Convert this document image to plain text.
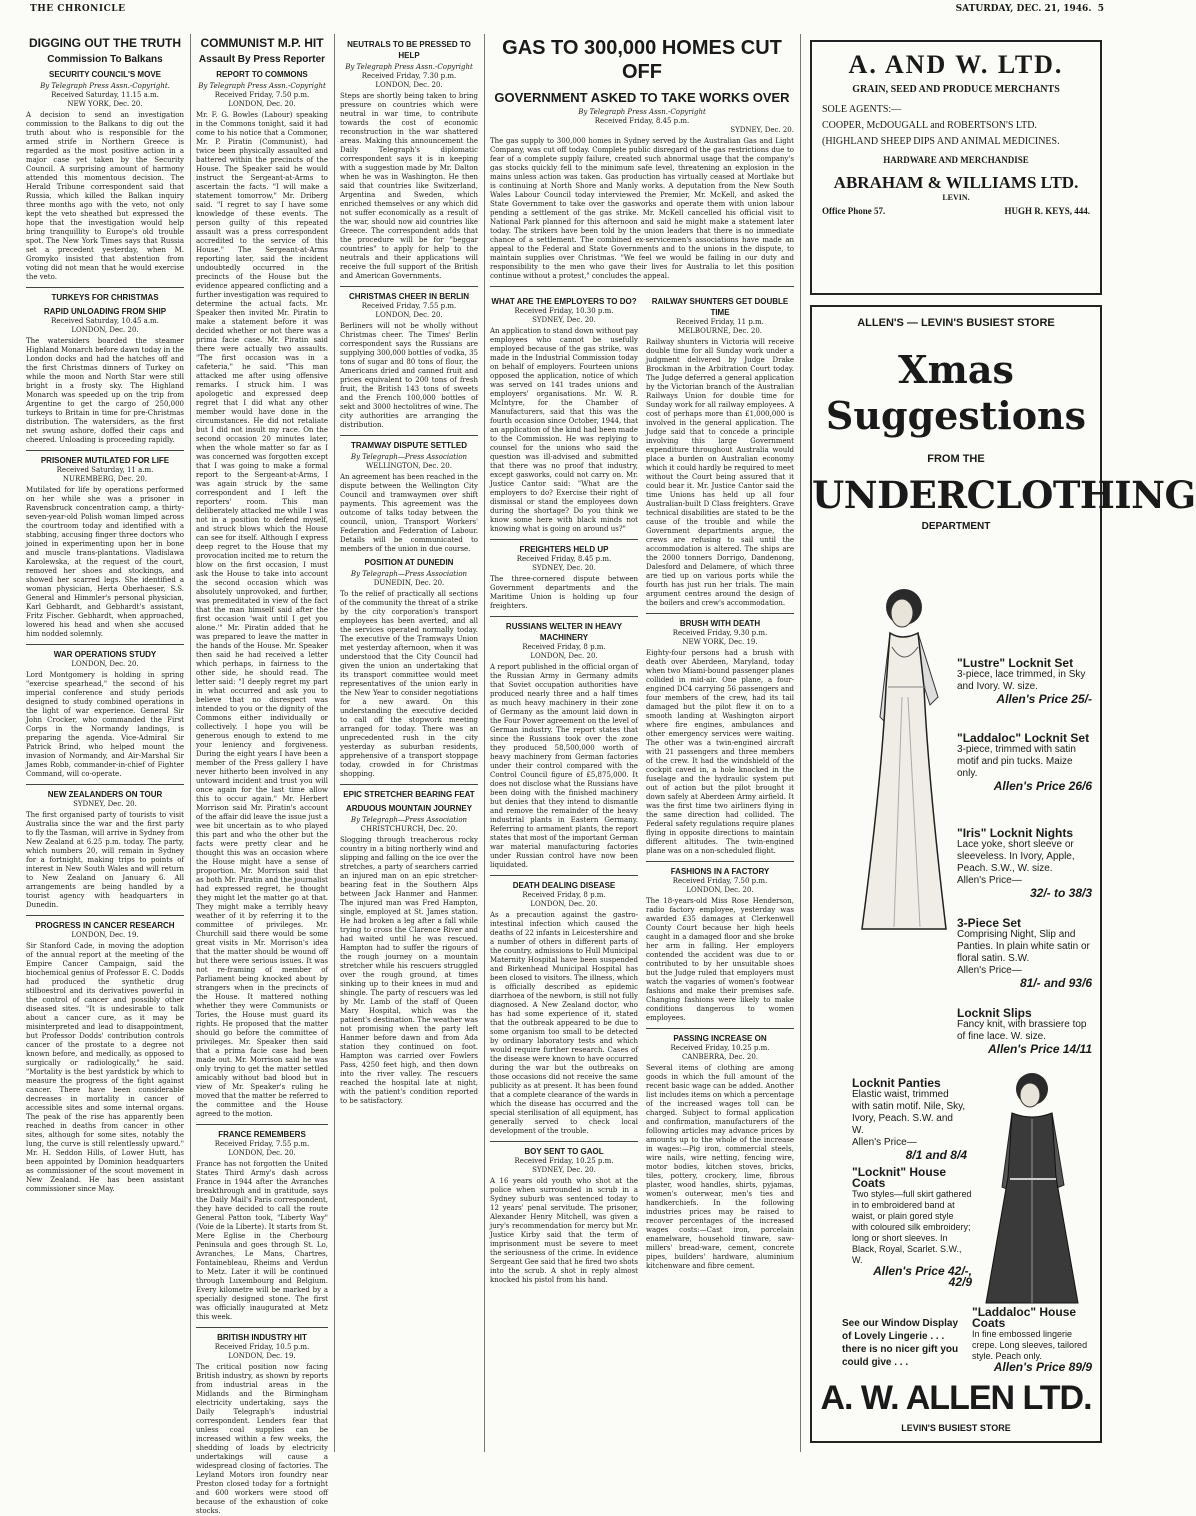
THE CHRONICLE	SATURDAY, DEC. 21, 1946. 5
DIGGING OUT THE TRUTH
Commission To Balkans
SECURITY COUNCIL'S MOVE
By Telegraph Press Assn.-Copyright.
Received Saturday, 11.15 a.m.
NEW YORK, Dec. 20.
A decision to send an investigation commission to the Balkans to dig out the truth about who is responsible for the armed strife in Northern Greece is regarded as the most positive action in a major case yet taken by the Security Council. A surprising amount of harmony attended this momentous decision. The Herald Tribune correspondent said that Russia, which killed the Balkan inquiry three months ago with the veto, not only kept the veto sheathed but expressed the hope that the investigation would help bring tranquillity to Europe's old trouble spot. The New York Times says that Russia set a precedent yesterday, when M. Gromyko insisted that abstention from voting did not mean that he would exercise the veto.
TURKEYS FOR CHRISTMAS
RAPID UNLOADING FROM SHIP
Received Saturday, 10.45 a.m.
LONDON, Dec. 20.
The watersiders boarded the steamer Highland Monarch before dawn today in the London docks and had the hatches off and the first Christmas dinners of Turkey on while the moon and North Star were still bright in a frosty sky. The Highland Monarch was speeded up on the trip from Argentine to get the cargo of 250,000 turkeys to Britain in time for pre-Christmas distribution. The watersiders, as the first net swung ashore, doffed their caps and cheered. Unloading is proceeding rapidly.
PRISONER MUTILATED FOR LIFE
Received Saturday, 11 a.m.
NUREMBERG, Dec. 20.
Mutilated for life by operations performed on her while she was a prisoner in Ravensbruck concentration camp, a thirty-seven-year-old Polish woman limped across the courtroom today and identified with a stabbing, accusing finger three doctors who joined in experimenting upon her in bone and muscle trans-plantations. Vladislawa Karolewska, at the request of the court, removed her shoes and stockings, and showed her scarred legs. She identified a woman physician, Herta Oberhaeser, S.S. General and Himmler's personal physician, Karl Gebhardt, and Gebhardt's assistant, Fritz Fischer. Gebhardt, when approached, lowered his head and when she accused him nodded solemnly.
WAR OPERATIONS STUDY
LONDON, Dec. 20.
Lord Montgomery is holding in spring "exercise spearhead," the second of his imperial conference and study periods designed to study combined operations in the light of war experience. General Sir John Crocker, who commanded the First Corps in the Normandy landings, is preparing the agenda. Vice-Admiral Sir Patrick Brind, who helped mount the invasion of Normandy, and Air-Marshal Sir James Robb, commander-in-chief of Fighter Command, will co-operate.
NEW ZEALANDERS ON TOUR
SYDNEY, Dec. 20.
The first organised party of tourists to visit Australia since the war and the first party to fly the Tasman, will arrive in Sydney from New Zealand at 6.25 p.m. today. The party, which numbers 20, will remain in Sydney for a fortnight, making trips to points of interest in New South Wales and will return to New Zealand on January 6. All arrangements are being handled by a tourist agency with headquarters in Dunedin.
PROGRESS IN CANCER RESEARCH
LONDON, Dec. 19.
Sir Stanford Cade, in moving the adoption of the annual report at the meeting of the Empire Cancer Campaign, said the biochemical genius of Professor E. C. Dodds had produced the synthetic drug stilboestrol and its derivatives powerful in the control of cancer and possibly other diseased sites. "It is undesirable to talk about a cancer cure, as it may be misinterpreted and lead to disappointment, but Professor Dodds' contribution controls cancer of the prostate to a degree not known before, and medically, as opposed to surgically or radiologically," he said. "Mortality is the best yardstick by which to measure the progress of the fight against cancer. There have been considerable decreases in mortality in cancer of accessible sites and some internal organs. The peak of the rise has apparently been reached in deaths from cancer in other sites, although for some sites, notably the lung, the curve is still relentlessly upward." Mr. H. Seddon Hills, of Lower Hutt, has been appointed by Dominion headquarters as commissioner of the scout movement in New Zealand. He has been assistant commissioner since May.
COMMUNIST M.P. HIT
Assault By Press Reporter
REPORT TO COMMONS
By Telegraph Press Assn.-Copyright
Received Friday, 7.50 p.m.
LONDON, Dec. 20.
Mr. F. G. Bowles (Labour) speaking in the Commons tonight, said it had come to his notice that a Commoner, Mr. P. Piratin (Communist), had twice been physically assaulted and battered within the precincts of the House. The Speaker said he would instruct the Sergeant-at-Arms to ascertain the facts. "I will make a statement tomorrow," Mr. Driberg said. "I regret to say I have some knowledge of these events. The person guilty of this repeated assault was a press correspondent accredited to the service of this House." The Sergeant-at-Arms reporting later, said the incident undoubtedly occurred in the precincts of the House but the evidence appeared conflicting and a further investigation was required to determine the actual facts. Mr. Speaker then invited Mr. Piratin to make a statement before it was decided whether or not there was a prima facie case. Mr. Piratin said there were actually two assaults. "The first occasion was in a cafeteria," he said. "This man attacked me after using offensive remarks. I struck him. I was apologetic and expressed deep regret that I did what any other member would have done in the circumstances. He did not retaliate but I did not insult my race. On the second occasion 20 minutes later, when the whole matter so far as I was concerned was forgotten except that I was going to make a formal report to the Sergeant-at-Arms, I was again struck by the same correspondent and I left the reporters' room. This man deliberately attacked me while I was not in a position to defend myself, and struck blows which the House can see for itself. Although I express deep regret to the House that my provocation incited me to return the blow on the first occasion, I must ask the House to take into account the second occasion which was absolutely unprovoked, and further, was premeditated in view of the fact that the man himself said after the first occasion 'wait until I get you alone.'" Mr. Piratin added that he was prepared to leave the matter in the hands of the House. Mr. Speaker then said he had received a letter which perhaps, in fairness to the other side, he should read. The letter said: "I deeply regret my part in what occurred and ask you to believe that no disrespect was intended to you or the dignity of the Commons either individually or collectively. I hope you will be generous enough to extend to me your leniency and forgiveness. During the eight years I have been a member of the Press gallery I have never hitherto been involved in any untoward incident and trust you will once again for the last time allow this to occur again." Mr. Herbert Morrison said Mr. Piratin's account of the affair did leave the issue just a wee bit uncertain as to who played this part and who the other but the facts were pretty clear and he thought this was an occasion where the House might have a sense of proportion. Mr. Morrison said that as both Mr. Piratin and the journalist had expressed regret, he thought they might let the matter go at that. They might make a terribly heavy weather of it by referring it to the committee of privileges. Mr. Churchill said there would be some great visits in Mr. Morrison's idea that the matter should be wound off but there were serious issues. It was not re-framing of member of Parliament being knocked about by strangers when in the precincts of the House. It mattered nothing whether they were Communists or Tories, the House must guard its rights. He proposed that the matter should go before the committee of privileges. Mr. Speaker then said that a prima facie case had been made out. Mr. Morrison said he was only trying to get the matter settled amicably without bad blood but in view of Mr. Speaker's ruling he moved that the matter be referred to the committee and the House agreed to the motion.
FRANCE REMEMBERS
Received Friday, 7.55 p.m.
LONDON, Dec. 20.
France has not forgotten the United States Third Army's dash across France in 1944 after the Avranches breakthrough and in gratitude, says the Daily Mail's Paris correspondent, they have decided to call the route General Patton took, "Liberty Way" (Voie de la Liberte). It starts from St. Mere Eglise in the Cherbourg Peninsula and goes through St. Lo, Avranches, Le Mans, Chartres, Fontainebleau, Rheims and Verdun to Metz. Later it will be continued through Luxembourg and Belgium. Every kilometre will be marked by a specially designed stone. The first was officially inaugurated at Metz this week.
BRITISH INDUSTRY HIT
Received Friday, 10.5 p.m.
LONDON, Dec. 19.
The critical position now facing British industry, as shown by reports from industrial areas in the Midlands and the Birmingham electricity undertaking, says the Daily Telegraph's industrial correspondent. Lenders fear that unless coal supplies can be increased within a few weeks, the shedding of loads by electricity undertakings will cause a widespread closing of factories. The Leyland Motors iron foundry near Preston closed today for a fortnight and 600 workers were stood off because of the exhaustion of coke stocks.
NEUTRALS TO BE PRESSED TO HELP
By Telegraph Press Assn.-Copyright
Received Friday, 7.30 p.m.
LONDON, Dec. 20.
Steps are shortly being taken to bring pressure on countries which were neutral in war time, to contribute towards the cost of economic reconstruction in the war shattered areas. Making this announcement the Daily Telegraph's diplomatic correspondent says it is in keeping with a suggestion made by Mr. Dalton when he was in Washington. He then said that countries like Switzerland, Argentina and Sweden, which enriched themselves or any which did not suffer economically as a result of the war, should now aid countries like Greece. The correspondent adds that the procedure will be for "beggar countries" to apply for help to the neutrals and their applications will receive the full support of the British and American Governments.
CHRISTMAS CHEER IN BERLIN
Received Friday, 7.55 p.m.
LONDON, Dec. 20.
Berliners will not be wholly without Christmas cheer. The Times' Berlin correspondent says the Russians are supplying 300,000 bottles of vodka, 35 tons of sugar and 80 tons of flour, the Americans dried and canned fruit and prices equivalent to 200 tons of fresh fruit, the British 143 tons of sweets and the French 100,000 bottles of sekt and 3000 hectolitres of wine. The city authorities are arranging the distribution.
TRAMWAY DISPUTE SETTLED
By Telegraph—Press Association
WELLINGTON, Dec. 20.
An agreement has been reached in the dispute between the Wellington City Council and tramwaymen over shift payments. This agreement was the outcome of talks today between the council, union, Transport Workers' Federation and Federation of Labour. Details will be communicated to members of the union in due course.
POSITION AT DUNEDIN
By Telegraph—Press Association
DUNEDIN, Dec. 20.
To the relief of practically all sections of the community the threat of a strike by the city corporation's transport employees has been averted, and all the services operated normally today. The executive of the Tramways Union met yesterday afternoon, when it was understood that the City Council had given the union an undertaking that its transport committee would meet representatives of the union early in the New Year to consider negotiations for a new award. On this understanding the executive decided to call off the stopwork meeting arranged for today. There was an unprecedented rush in the city yesterday as suburban residents, apprehensive of a transport stoppage today, crowded in for Christmas shopping.
EPIC STRETCHER BEARING FEAT
ARDUOUS MOUNTAIN JOURNEY
By Telegraph—Press Association
CHRISTCHURCH, Dec. 20.
Slogging through treacherous rocky country in a biting northerly wind and slipping and falling on the ice over the stretches, a party of searchers carried an injured man on an epic stretcher-bearing feat in the Southern Alps between Jack Hanmer and Hanmer. The injured man was Fred Hampton, single, employed at St. James station. He had broken a leg after a fall while trying to cross the Clarence River and had waited until he was rescued. Hampton had to suffer the rigours of the rough journey on a mountain stretcher while his rescuers struggled over the rough ground, at times sinking up to their knees in mud and shingle. The party of rescuers was led by Mr. Lamb of the staff of Queen Mary Hospital, which was the patient's destination. The weather was not promising when the party left Hanmer before dawn and from Ada station they continued on foot. Hampton was carried over Fowlers Pass, 4250 feet high, and then down into the river valley. The rescuers reached the hospital late at night, with the patient's condition reported to be satisfactory.
GAS TO 300,000 HOMES CUT OFF
GOVERNMENT ASKED TO TAKE WORKS OVER
By Telegraph Press Assn.-Copyright
Received Friday, 8.45 p.m.
SYDNEY, Dec. 20.
The gas supply to 300,000 homes in Sydney served by the Australian Gas and Light Company, was cut off today. Complete public disregard of the gas restrictions due to fear of a complete supply failure, created such abnormal usage that the company's gas stocks quickly fell to the minimum safe level, threatening an explosion in the mains unless action was taken. Gas production has virtually ceased at Mortlake but is continuing at North Shore and Manly works. A deputation from the New South Wales Labour Council today interviewed the Premier, Mr. McKell, and asked the State Government to take over the gasworks and operate them with union labour pending a settlement of the gas strike. Mr. McKell cancelled his official visit to National Park planned for this afternoon and said he might make a statement later today. The strikers have been told by the union leaders that there is no immediate chance of a settlement. The combined ex-servicemen's associations have made an appeal to the Federal and State Governments and to the unions in the dispute, to maintain supplies over Christmas. "We feel we would be failing in our duty and responsibility to the men who gave their lives for Australia to let this position continue without a protest," concludes the appeal.
WHAT ARE THE EMPLOYERS TO DO?
Received Friday, 10.30 p.m.
SYDNEY, Dec. 20.
An application to stand down without pay employees who cannot be usefully employed because of the gas strike, was made in the Industrial Commission today on behalf of employers. Fourteen unions opposed the application, notice of which was served on 141 trades unions and employers' organisations. Mr. W. R. McIntyre, for the Chamber of Manufacturers, said that this was the fourth occasion since October, 1944, that an application of the kind had been made to the Commission. He was replying to counsel for the unions who said the question was ill-advised and submitted that there was no proof that industry, except gasworks, could not carry on. Mr. Justice Cantor said: "What are the employers to do? Exercise their right of dismissal or stand the employees down during the shortage? Do you think we know some here with black minds not knowing what is going on around us?"
FREIGHTERS HELD UP
Received Friday, 8.45 p.m.
SYDNEY, Dec. 20.
The three-cornered dispute between Government departments and the Maritime Union is holding up four freighters.
RUSSIANS WELTER IN HEAVY MACHINERY
Received Friday, 8 p.m.
LONDON, Dec. 20.
A report published in the official organ of the Russian Army in Germany admits that Soviet occupation authorities have produced nearly three and a half times as much heavy machinery in their zone of Germany as the amount laid down in the Four Power agreement on the level of German industry. The report states that since the Russians took over the zone they produced 58,500,000 worth of heavy machinery from German factories under their control compared with the Control Council figure of £5,875,000. It does not disclose what the Russians have been doing with the finished machinery but denies that they intend to dismantle and remove the remainder of the heavy industrial plants in Eastern Germany. Referring to armament plants, the report states that most of the important German war material manufacturing factories under Russian control have now been liquidated.
DEATH DEALING DISEASE
Received Friday, 8 p.m.
LONDON, Dec. 20.
As a precaution against the gastro-intestinal infection which caused the deaths of 22 infants in Leicestershire and a number of others in different parts of the country, admissions to Hull Municipal Maternity Hospital have been suspended and Birkenhead Municipal Hospital has been closed to visitors. The illness, which is officially described as epidemic diarrhoea of the newborn, is still not fully diagnosed. A New Zealand doctor, who has had some experience of it, stated that the outbreak appeared to be due to some organism too small to be detected by ordinary laboratory tests and which would require further research. Cases of the disease were known to have occurred during the war but the outbreaks on those occasions did not receive the same publicity as at present. It has been found that a complete clearance of the wards in which the disease has occurred and the special sterilisation of all equipment, has generally served to check local development of the trouble.
BOY SENT TO GAOL
Received Friday, 10.25 p.m.
SYDNEY, Dec. 20.
A 16 years old youth who shot at the police when surrounded in scrub in a Sydney suburb was sentenced today to 12 years' penal servitude. The prisoner, Alexander Henry Mitchell, was given a jury's recommendation for mercy but Mr. Justice Kirby said that the term of imprisonment must be severe to meet the seriousness of the crime. In evidence Sergeant Gee said that he fired two shots into the scrub. A shot in reply almost knocked his pistol from his hand.
RAILWAY SHUNTERS GET DOUBLE TIME
Received Friday, 11 p.m.
MELBOURNE, Dec. 20.
Railway shunters in Victoria will receive double time for all Sunday work under a judgment delivered by Judge Drake Brockman in the Arbitration Court today. The Judge deferred a general application by the Victorian branch of the Australian Railways Union for double time for Sunday work for all railway employees. A cost of perhaps more than £1,000,000 is involved in the general application. The Judge said that to concede a principle involving this large Government expenditure throughout Australia would place a burden on Australian economy which it could hardly be required to meet without the Court being assured that it could bear it. Mr. Justice Cantor said the time Unions has held up all four Australian-built D Class freighters. Grave technical disabilities are stated to be the cause of the trouble and while the Government departments argue, the crews are refusing to sail until the accommodation is altered. The ships are the 2000 tonners Dorrigo, Dandenong, Dalesford and Delamere, of which three are tied up on various ports while the fourth has just run her trials. The main argument centres around the design of the boilers and crew's accommodation.
BRUSH WITH DEATH
Received Friday, 9.30 p.m.
NEW YORK, Dec. 19.
Eighty-four persons had a brush with death over Aberdeen, Maryland, today when two Miami-bound passenger planes collided in mid-air. One plane, a four-engined DC4 carrying 56 passengers and four members of the crew, had its tail damaged but the pilot flew it on to a smooth landing at Washington airport where fire engines, ambulances and other emergency services were waiting. The other was a twin-engined aircraft with 21 passengers and three members of the crew. It had the windshield of the cockpit caved in, a hole knocked in the fuselage and the hydraulic system put out of action but the pilot brought it down safely at Aberdeen Army airfield. It was the first time two airliners flying in the same direction had collided. The Federal safety regulations require planes flying in opposite directions to maintain different altitudes. The twin-engined plane was on a non-scheduled flight.
FASHIONS IN A FACTORY
Received Friday, 7.50 p.m.
LONDON, Dec. 20.
The 18-years-old Miss Rose Henderson, radio factory employee, yesterday was awarded £35 damages at Clerkenwell County Court because her high heels caught in a damaged floor and she broke her arm in falling. Her employers contended the accident was due to or contributed to by her unsuitable shoes but the Judge ruled that employers must watch the vagaries of women's footwear fashions and make their premises safe. Changing fashions were likely to make conditions dangerous to women employees.
PASSING INCREASE ON
Received Friday, 10.25 p.m.
CANBERRA, Dec. 20.
Several items of clothing are among goods in which the full amount of the recent basic wage can be added. Another list includes items on which a percentage of the increased wages toll can be charged. Subject to formal application and confirmation, manufacturers of the following articles may advance prices by amounts up to the whole of the increase in wages:—Pig iron, commercial steels, wire nails, wire netting, fencing wire, motor bodies, kitchen stoves, bricks, tiles, pottery, crockery, lime, fibrous plaster, wood handles, shirts, pyjamas, women's outerwear, men's ties and handkerchiefs. In the following industries prices may be raised to recover percentages of the increased wages costs:—Cast iron, porcelain enamelware, household tinware, saw-millers' bread-ware, cement, concrete pipes, builders' hardware, aluminium kitchenware and fibre cement.
A. AND W. LTD.
GRAIN, SEED AND PRODUCE MERCHANTS
SOLE AGENTS:—
COOPER, McDOUGALL and ROBERTSON'S LTD.
(HIGHLAND SHEEP DIPS AND ANIMAL MEDICINES.
HARDWARE AND MERCHANDISE
ABRAHAM & WILLIAMS LTD.
LEVIN.
Office Phone 57.	HUGH R. KEYS, 444.
ALLEN'S — LEVIN'S BUSIEST STORE
Xmas
Suggestions
FROM THE
UNDERCLOTHING
DEPARTMENT
"Lustre" Locknit Set
3-piece, lace trimmed, in Sky and Ivory. W. size.
Allen's Price 25/-
"Laddaloc" Locknit Set
3-piece, trimmed with satin motif and pin tucks. Maize only.
Allen's Price 26/6
"Iris" Locknit Nights
Lace yoke, short sleeve or sleeveless. In Ivory, Apple, Peach. S.W., W. size.
Allen's Price—
32/- to 38/3
3-Piece Set
Comprising Night, Slip and Panties. In plain white satin or floral satin. S.W.
Allen's Price—
81/- and 93/6
Locknit Slips
Fancy knit, with brassiere top of fine lace. W. size.
Allen's Price 14/11
Locknit Panties
Elastic waist, trimmed with satin motif. Nile, Sky, Ivory, Peach. S.W. and W.
Allen's Price—
8/1 and 8/4
"Locknit" House Coats
Two styles—full skirt gathered in to embroidered band at waist, or plain gored style with coloured silk embroidery; long or short sleeves. In Black, Royal, Scarlet. S.W., W.
Allen's Price 42/-, 42/9
"Laddaloc" House Coats
In fine embossed lingerie crepe. Long sleeves, tailored style. Peach only.
Allen's Price 89/9
See our Window Display
of Lovely Lingerie . . .
there is no nicer gift you
could give . . .
A. W. ALLEN LTD.
LEVIN'S BUSIEST STORE
